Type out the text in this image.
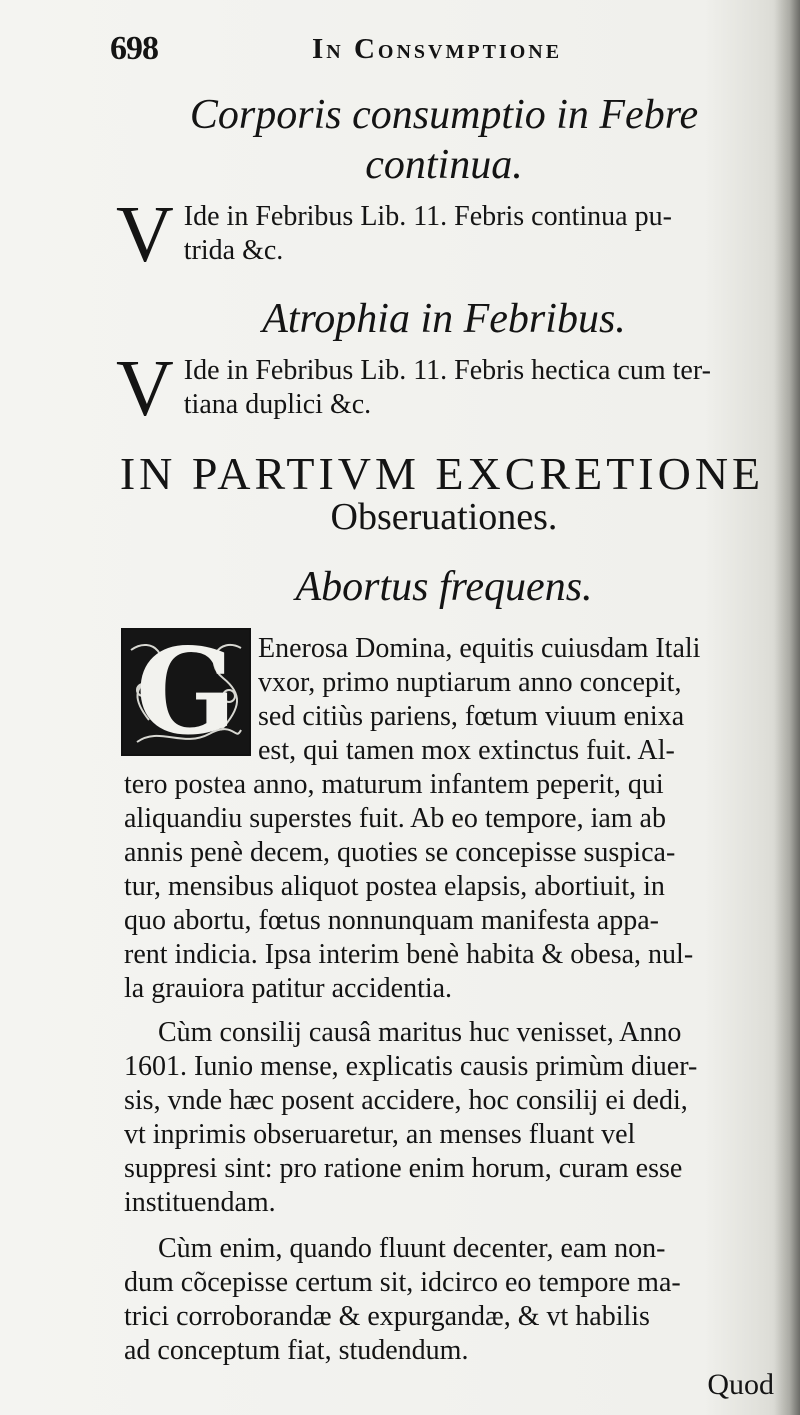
698	In Consvmptione
Corporis consumptio in Febre
continua.
V Ide in Febribus Lib. 11. Febris continua pu-
trida &c.
Atrophia in Febribus.
V Ide in Febribus Lib. 11. Febris hectica cum ter-
tiana duplici &c.
IN PARTIVM EXCRETIONE
Obseruationes.
Abortus frequens.
G Enerosa Domina, equitis cuiusdam Itali
vxor, primo nuptiarum anno concepit,
sed citiùs pariens, fœtum viuum enixa
est, qui tamen mox extinctus fuit. Al-
tero postea anno, maturum infantem peperit, qui
aliquandiu superstes fuit. Ab eo tempore, iam ab
annis penè decem, quoties se concepisse suspica-
tur, mensibus aliquot postea elapsis, abortiuit, in
quo abortu, fœtus nonnunquam manifesta appa-
rent indicia. Ipsa interim benè habita & obesa, nul-
la grauiora patitur accidentia.
Cùm consilij causâ maritus huc venisset, Anno
1601. Iunio mense, explicatis causis primùm diuer-
sis, vnde hæc posent accidere, hoc consilij ei dedi,
vt inprimis obseruaretur, an menses fluant vel
suppresi sint: pro ratione enim horum, curam esse
instituendam.
Cùm enim, quando fluunt decenter, eam non-
dum cõcepisse certum sit, idcirco eo tempore ma-
trici corroborandæ & expurgandæ, & vt habilis
ad conceptum fiat, studendum.
Quod
